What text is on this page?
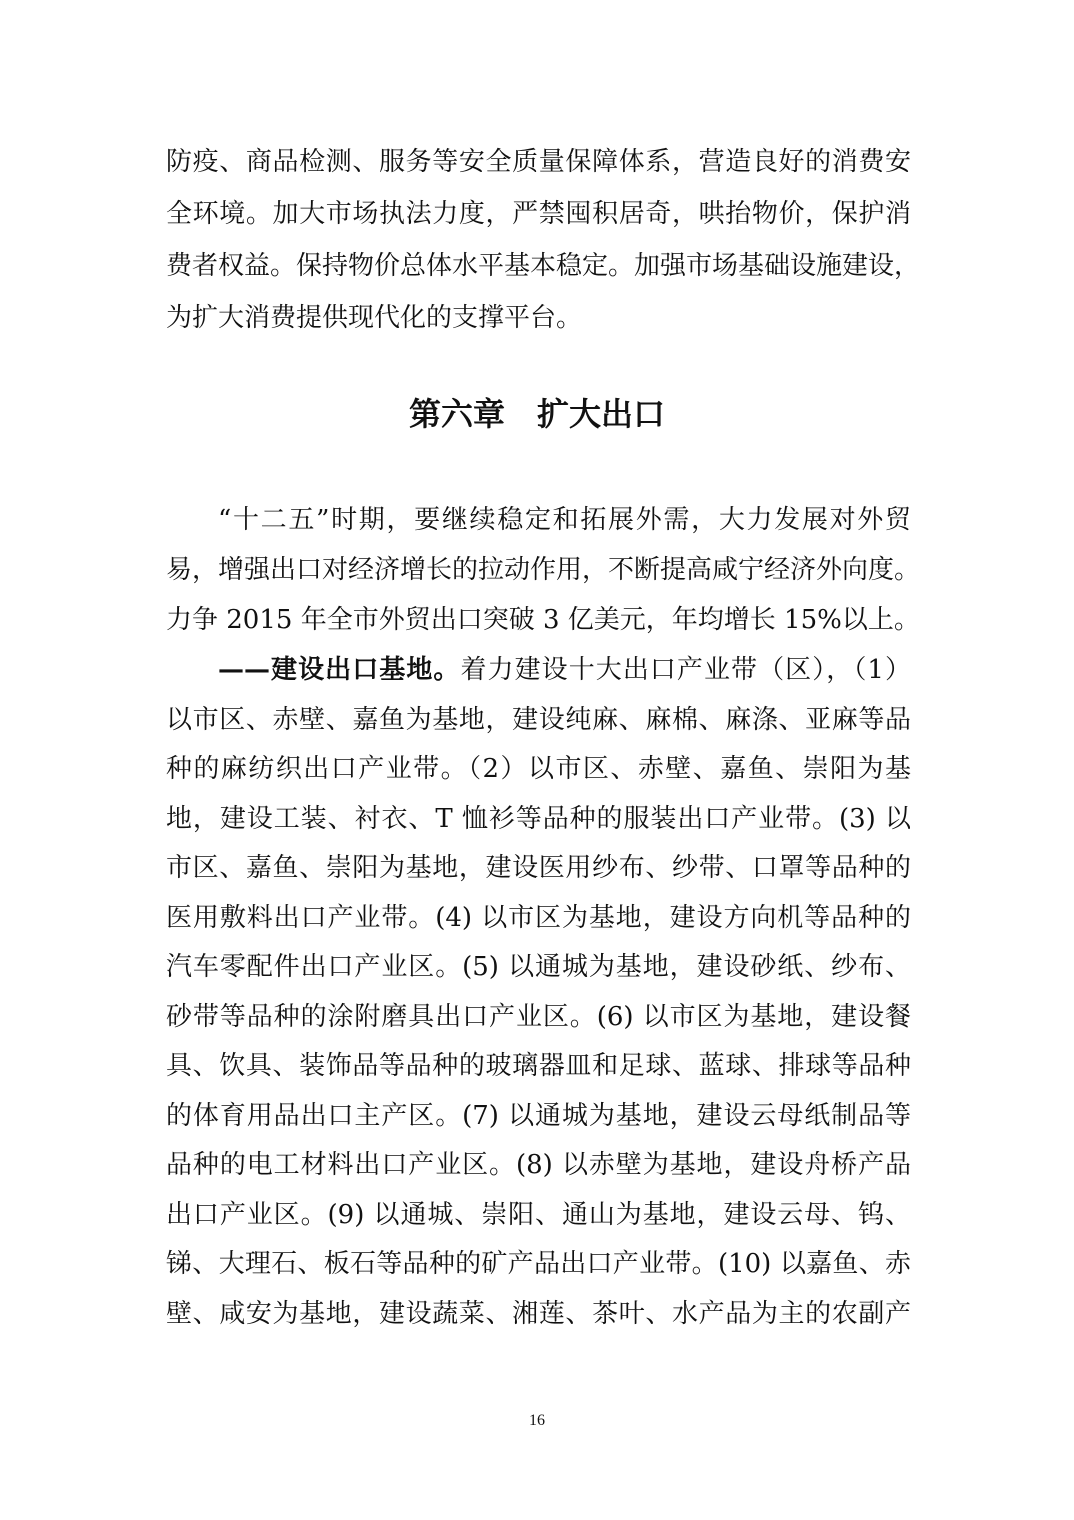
防疫、商品检测、服务等安全质量保障体系，营造良好的消费安
全环境。加大市场执法力度，严禁囤积居奇，哄抬物价，保护消
费者权益。保持物价总体水平基本稳定。加强市场基础设施建设，
为扩大消费提供现代化的支撑平台。
第六章　扩大出口
“十二五”时期，要继续稳定和拓展外需，大力发展对外贸
易，增强出口对经济增长的拉动作用，不断提高咸宁经济外向度。
力争 2015 年全市外贸出口突破 3 亿美元，年均增长 15%以上。
——建设出口基地。着力建设十大出口产业带（区），（1）
以市区、赤壁、嘉鱼为基地，建设纯麻、麻棉、麻涤、亚麻等品
种的麻纺织出口产业带。（2）以市区、赤壁、嘉鱼、崇阳为基
地，建设工装、衬衣、T 恤衫等品种的服装出口产业带。(3) 以
市区、嘉鱼、崇阳为基地，建设医用纱布、纱带、口罩等品种的
医用敷料出口产业带。(4) 以市区为基地，建设方向机等品种的
汽车零配件出口产业区。(5) 以通城为基地，建设砂纸、纱布、
砂带等品种的涂附磨具出口产业区。(6) 以市区为基地，建设餐
具、饮具、装饰品等品种的玻璃器皿和足球、蓝球、排球等品种
的体育用品出口主产区。(7) 以通城为基地，建设云母纸制品等
品种的电工材料出口产业区。(8) 以赤壁为基地，建设舟桥产品
出口产业区。(9) 以通城、崇阳、通山为基地，建设云母、钨、
锑、大理石、板石等品种的矿产品出口产业带。(10) 以嘉鱼、赤
壁、咸安为基地，建设蔬菜、湘莲、茶叶、水产品为主的农副产
16
